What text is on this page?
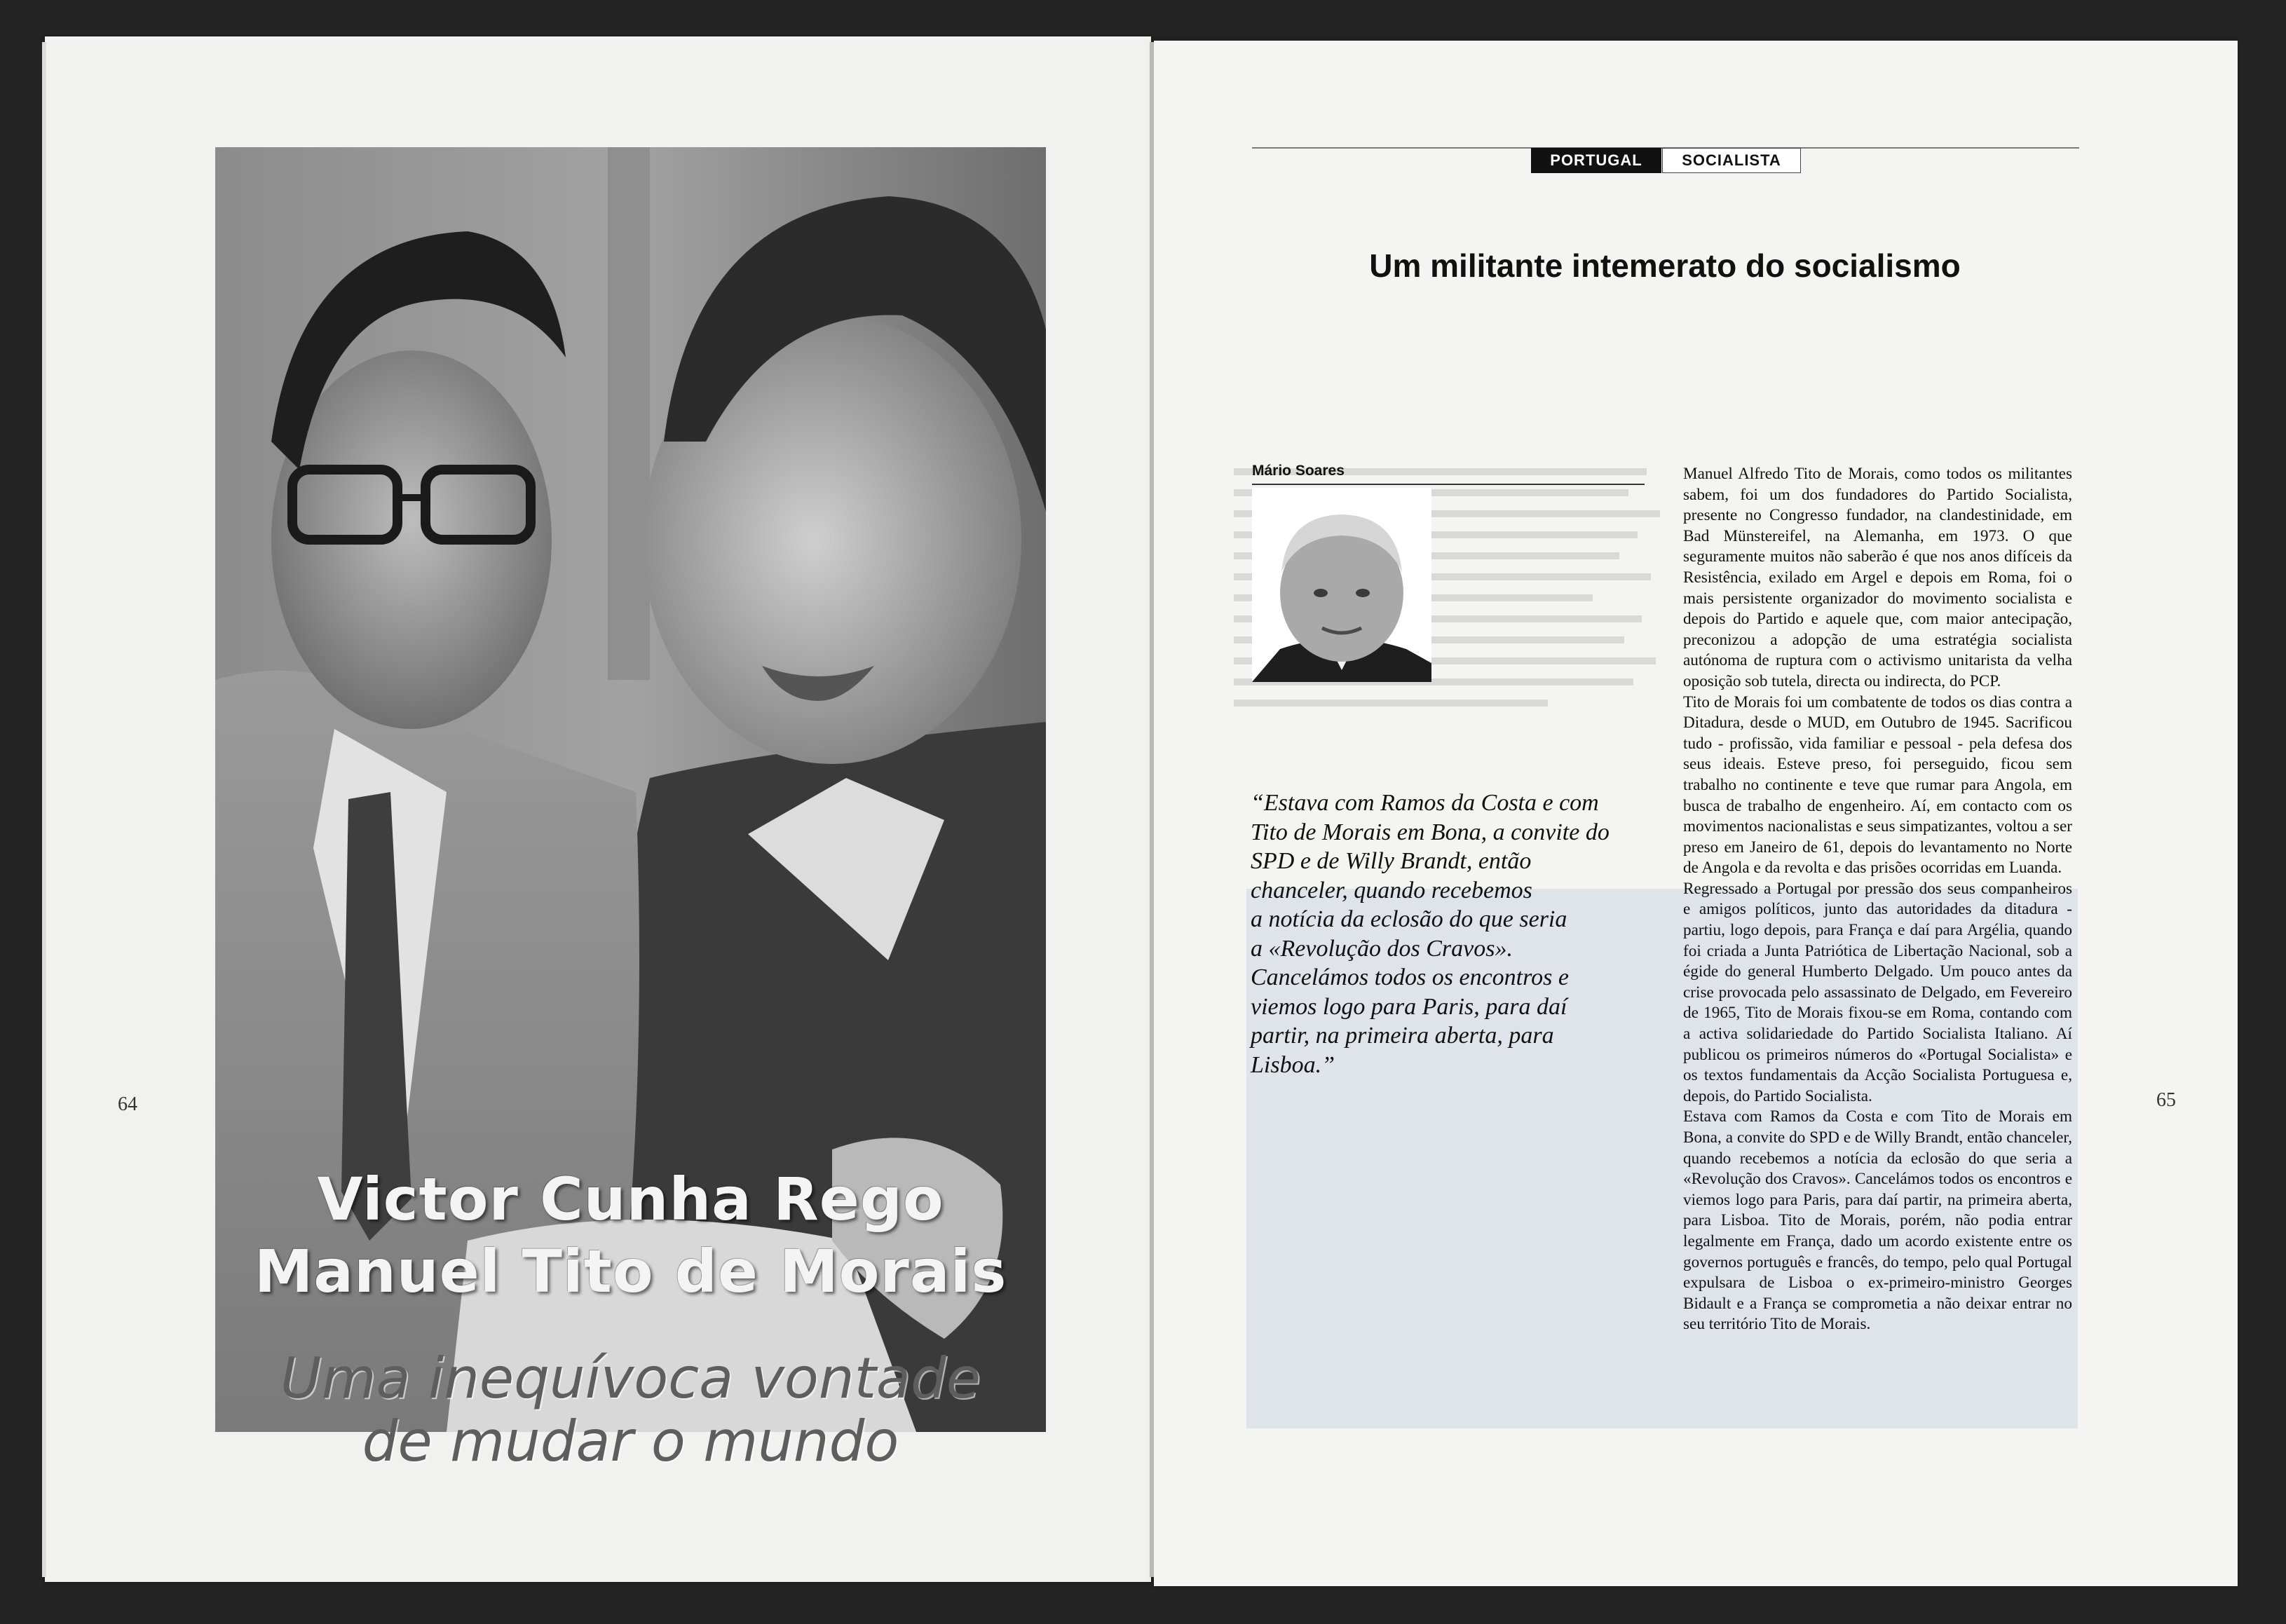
Victor Cunha Rego
Manuel Tito de Morais
Uma inequívoca vontade
de mudar o mundo
64
PORTUGAL	SOCIALISTA
Um militante intemerato do socialismo
Mário Soares
“Estava com Ramos da Costa e com
Tito de Morais em Bona, a convite do
SPD e de Willy Brandt, então
chanceler, quando recebemos
a notícia da eclosão do que seria
a «Revolução dos Cravos».
Cancelámos todos os encontros e
viemos logo para Paris, para daí
partir, na primeira aberta, para
Lisboa.”

Manuel Alfredo Tito de Morais, como todos os militantes sabem, foi um dos fundadores do Partido Socialista, presente no Congresso fundador, na clandestinidade, em Bad Münstereifel, na Alemanha, em 1973. O que seguramente muitos não saberão é que nos anos difíceis da Resistência, exilado em Argel e depois em Roma, foi o mais persistente organizador do movimento socialista e depois do Partido e aquele que, com maior antecipação, preconizou a adopção de uma estratégia socialista autónoma de ruptura com o activismo unitarista da velha oposição sob tutela, directa ou indirecta, do PCP.

Tito de Morais foi um combatente de todos os dias contra a Ditadura, desde o MUD, em Outubro de 1945. Sacrificou tudo - profissão, vida familiar e pessoal - pela defesa dos seus ideais. Esteve preso, foi perseguido, ficou sem trabalho no continente e teve que rumar para Angola, em busca de trabalho de engenheiro. Aí, em contacto com os movimentos nacionalistas e seus simpatizantes, voltou a ser preso em Janeiro de 61, depois do levantamento no Norte de Angola e da revolta e das prisões ocorridas em Luanda.

Regressado a Portugal por pressão dos seus companheiros e amigos políticos, junto das autoridades da ditadura - partiu, logo depois, para França e daí para Argélia, quando foi criada a Junta Patriótica de Libertação Nacional, sob a égide do general Humberto Delgado. Um pouco antes da crise provocada pelo assassinato de Delgado, em Fevereiro de 1965, Tito de Morais fixou-se em Roma, contando com a activa solidariedade do Partido Socialista Italiano. Aí publicou os primeiros números do «Portugal Socialista» e os textos fundamentais da Acção Socialista Portuguesa e, depois, do Partido Socialista.

Estava com Ramos da Costa e com Tito de Morais em Bona, a convite do SPD e de Willy Brandt, então chanceler, quando recebemos a notícia da eclosão do que seria a «Revolução dos Cravos». Cancelámos todos os encontros e viemos logo para Paris, para daí partir, na primeira aberta, para Lisboa. Tito de Morais, porém, não podia entrar legalmente em França, dado um acordo existente entre os governos português e francês, do tempo, pelo qual Portugal expulsara de Lisboa o ex-primeiro-ministro Georges Bidault e a França se comprometia a não deixar entrar no seu território Tito de Morais.

65
